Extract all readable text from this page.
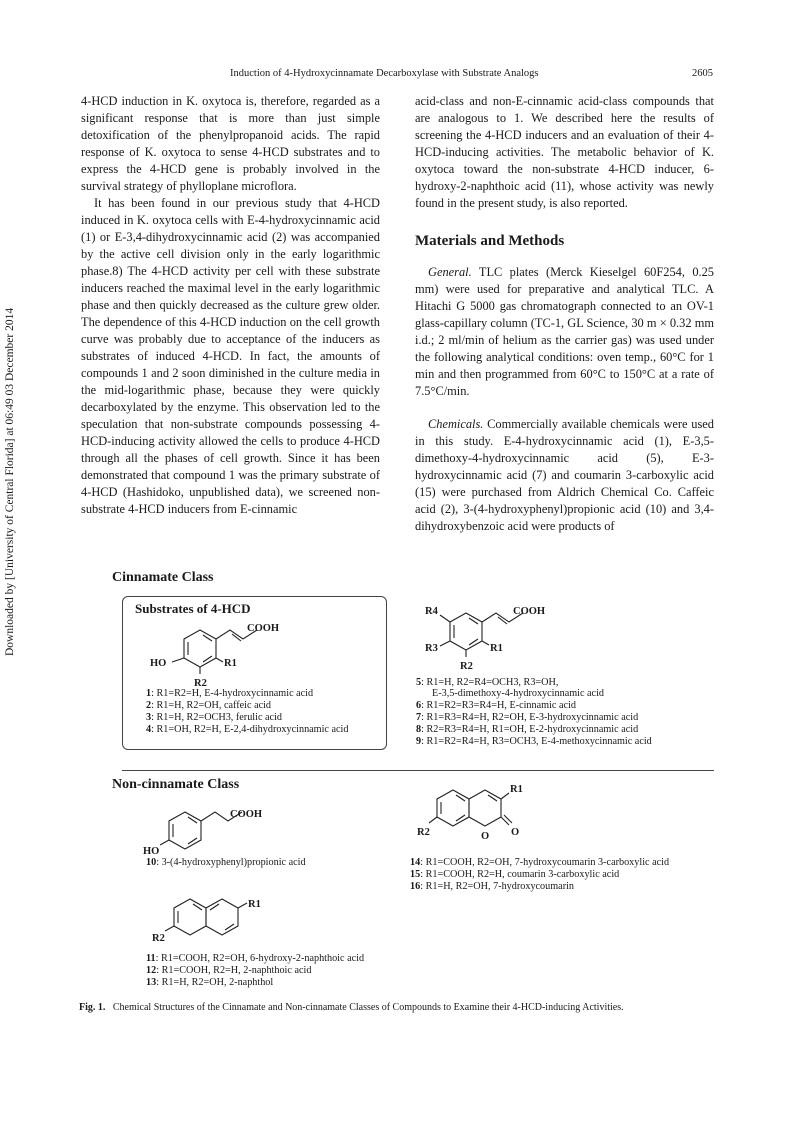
Induction of 4-Hydroxycinnamate Decarboxylase with Substrate Analogs	2605
Downloaded by [University of Central Florida] at 06:49 03 December 2014

4-HCD induction in K. oxytoca is, therefore, regarded as a significant response that is more than just simple detoxification of the phenylpropanoid acids. The rapid response of K. oxytoca to sense 4-HCD substrates and to express the 4-HCD gene is probably involved in the survival strategy of phylloplane microflora.

It has been found in our previous study that 4-HCD induced in K. oxytoca cells with E-4-hydroxycinnamic acid (1) or E-3,4-dihydroxycinnamic acid (2) was accompanied by the active cell division only in the early logarithmic phase.8) The 4-HCD activity per cell with these substrate inducers reached the maximal level in the early logarithmic phase and then quickly decreased as the culture grew older. The dependence of this 4-HCD induction on the cell growth curve was probably due to acceptance of the inducers as substrates of induced 4-HCD. In fact, the amounts of compounds 1 and 2 soon diminished in the culture media in the mid-logarithmic phase, because they were quickly decarboxylated by the enzyme. This observation led to the speculation that non-substrate compounds possessing 4-HCD-inducing activity allowed the cells to produce 4-HCD through all the phases of cell growth. Since it has been demonstrated that compound 1 was the primary substrate of 4-HCD (Hashidoko, unpublished data), we screened non-substrate 4-HCD inducers from E-cinnamic

acid-class and non-E-cinnamic acid-class compounds that are analogous to 1. We described here the results of screening the 4-HCD inducers and an evaluation of their 4-HCD-inducing activities. The metabolic behavior of K. oxytoca toward the non-substrate 4-HCD inducer, 6-hydroxy-2-naphthoic acid (11), whose activity was newly found in the present study, is also reported.

Materials and Methods

General. TLC plates (Merck Kieselgel 60F254, 0.25 mm) were used for preparative and analytical TLC. A Hitachi G 5000 gas chromatograph connected to an OV-1 glass-capillary column (TC-1, GL Science, 30 m × 0.32 mm i.d.; 2 ml/min of helium as the carrier gas) was used under the following analytical conditions: oven temp., 60°C for 1 min and then programmed from 60°C to 150°C at a rate of 7.5°C/min.

Chemicals. Commercially available chemicals were used in this study. E-4-hydroxycinnamic acid (1), E-3,5-dimethoxy-4-hydroxycinnamic acid (5), E-3-hydroxycinnamic acid (7) and coumarin 3-carboxylic acid (15) were purchased from Aldrich Chemical Co. Caffeic acid (2), 3-(4-hydroxyphenyl)propionic acid (10) and 3,4-dihydroxybenzoic acid were products of

Cinnamate Class
Substrates of 4-HCD
COOH
HO	R1
R2
1: R1=R2=H, E-4-hydroxycinnamic acid
2: R1=H, R2=OH, caffeic acid
3: R1=H, R2=OCH3, ferulic acid
4: R1=OH, R2=H, E-2,4-dihydroxycinnamic acid
COOH
R4
R3	R1
R2
5: R1=H, R2=R4=OCH3, R3=OH,
E-3,5-dimethoxy-4-hydroxycinnamic acid
6: R1=R2=R3=R4=H, E-cinnamic acid
7: R1=R3=R4=H, R2=OH, E-3-hydroxycinnamic acid
8: R2=R3=R4=H, R1=OH, E-2-hydroxycinnamic acid
9: R1=R2=R4=H, R3=OCH3, E-4-methoxycinnamic acid
Non-cinnamate Class
COOH
HO
10: 3-(4-hydroxyphenyl)propionic acid
R1
R2
11: R1=COOH, R2=OH, 6-hydroxy-2-naphthoic acid
12: R1=COOH, R2=H, 2-naphthoic acid
13: R1=H, R2=OH, 2-naphthol
R1
R2	O O
14: R1=COOH, R2=OH, 7-hydroxycoumarin 3-carboxylic acid
15: R1=COOH, R2=H, coumarin 3-carboxylic acid
16: R1=H, R2=OH, 7-hydroxycoumarin
Fig. 1. Chemical Structures of the Cinnamate and Non-cinnamate Classes of Compounds to Examine their 4-HCD-inducing Activities.
